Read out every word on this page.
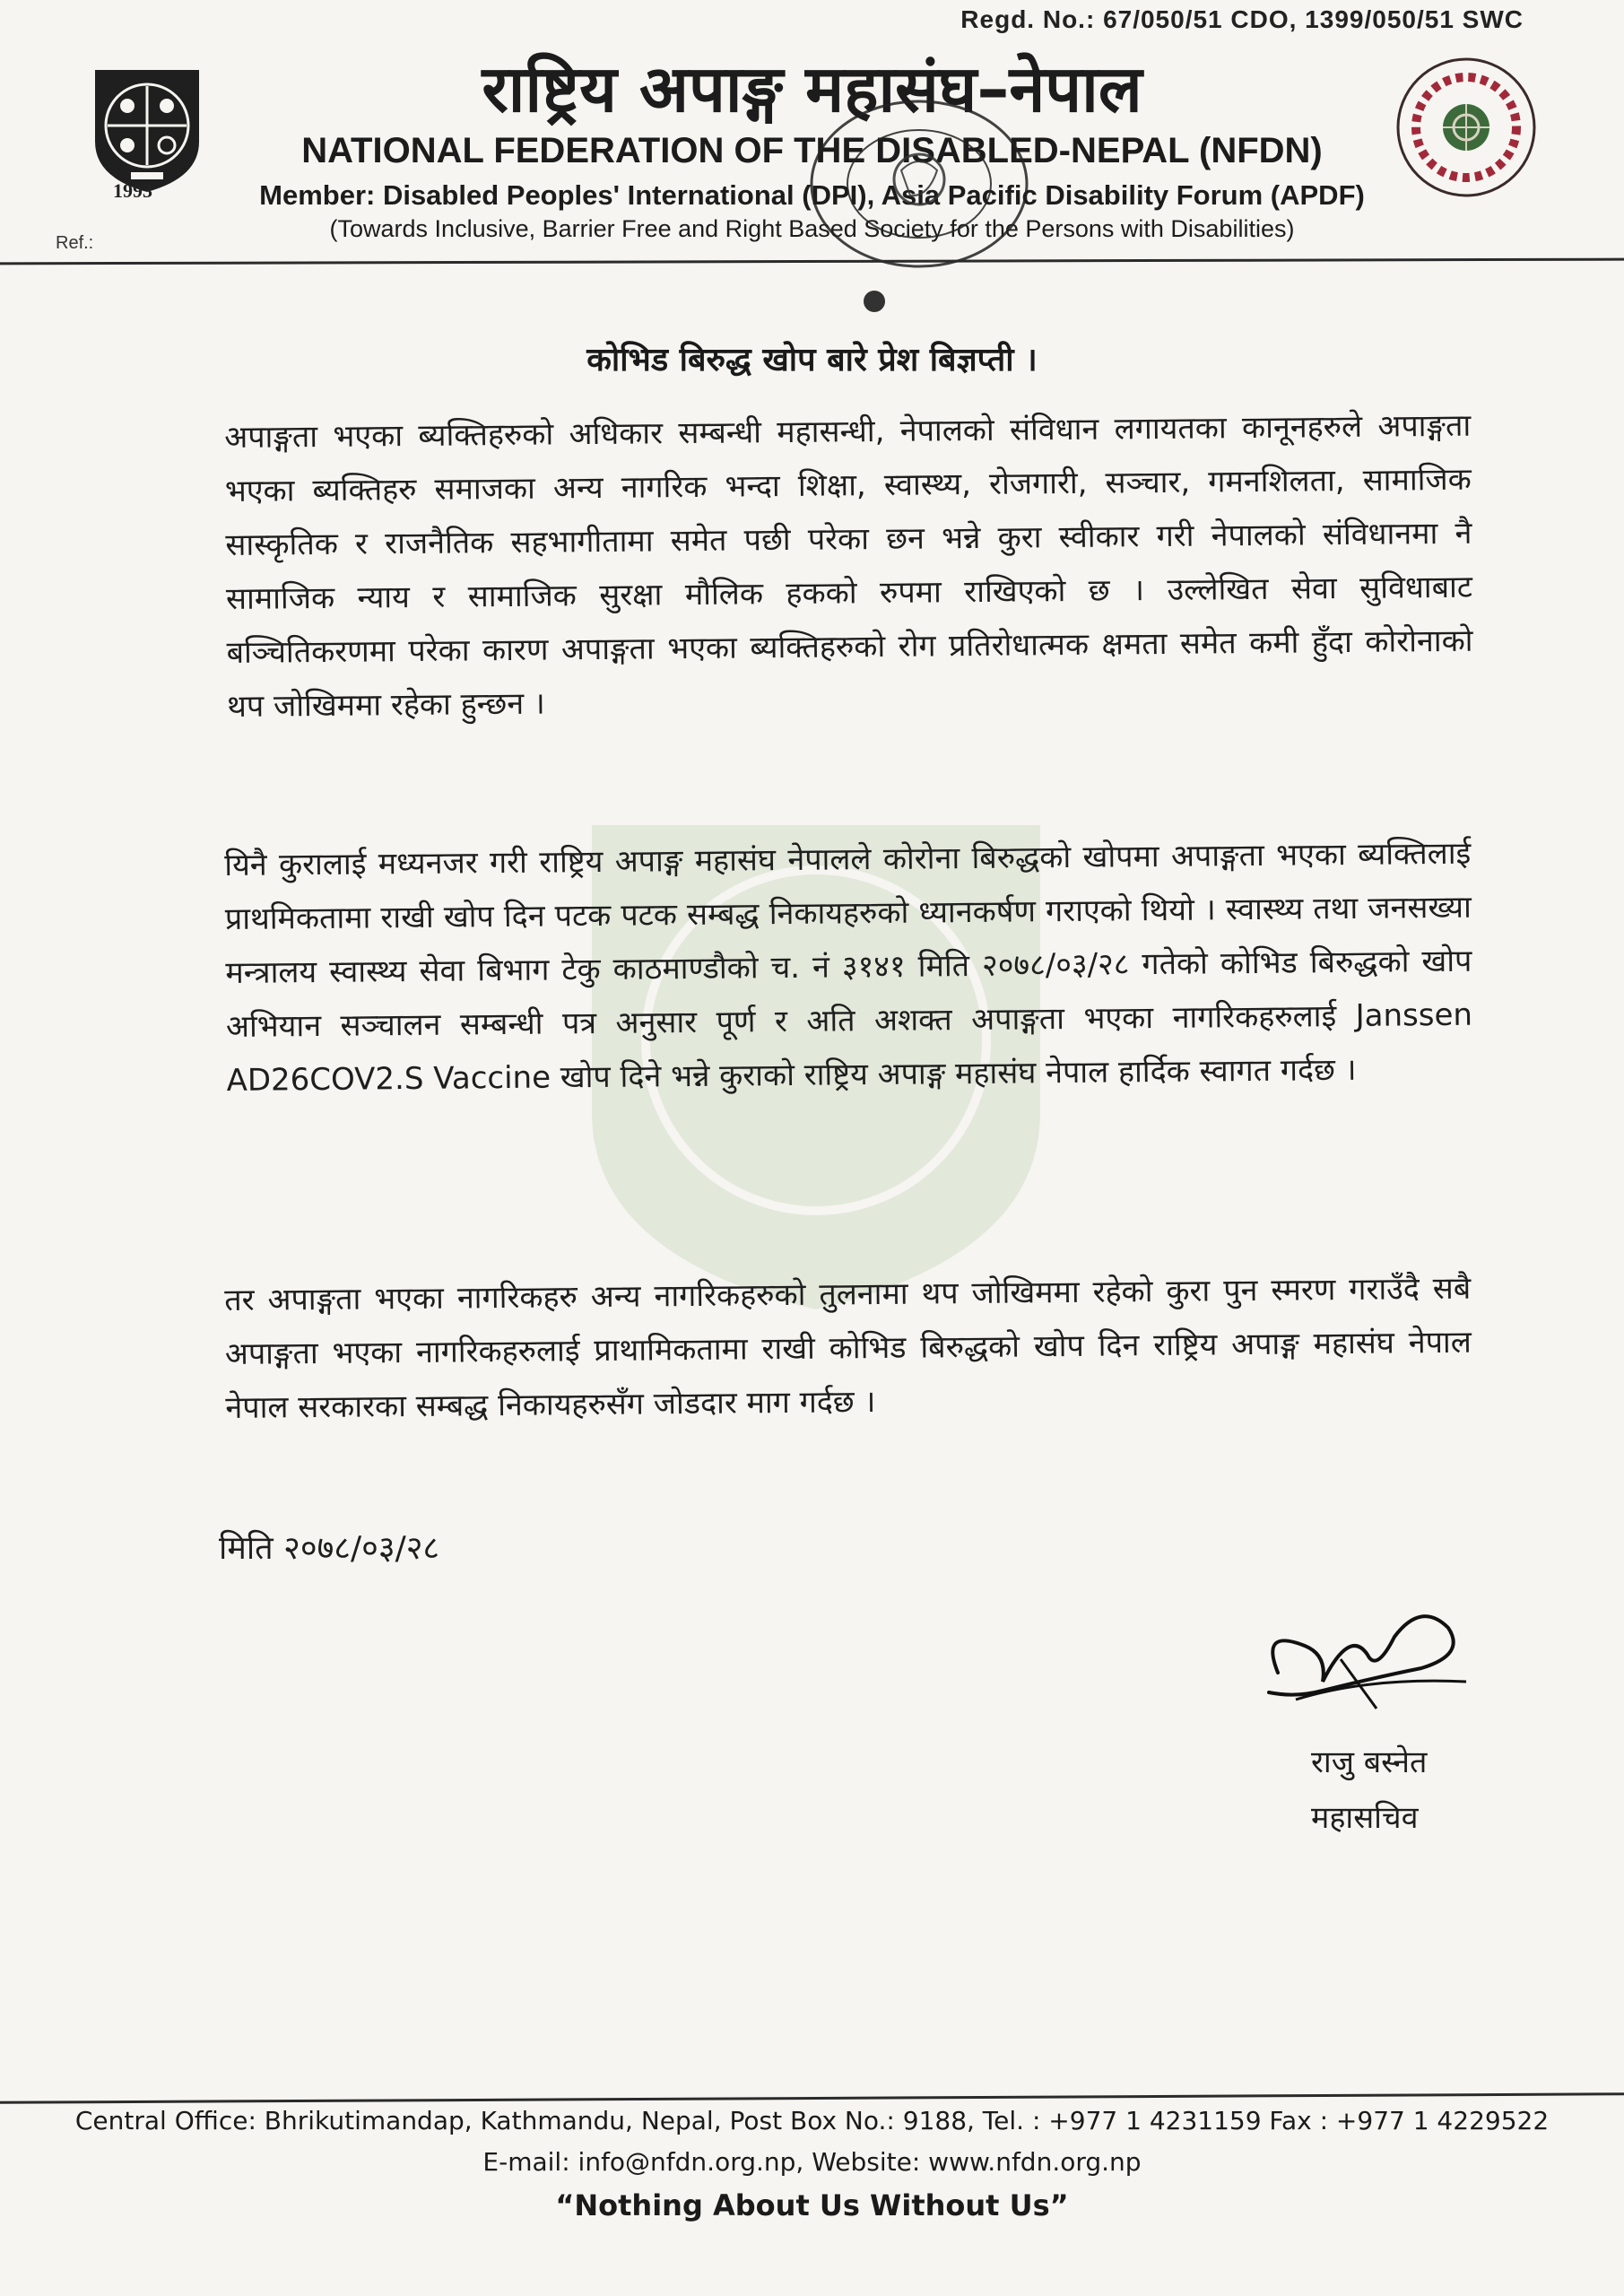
Regd. No.: 67/050/51 CDO, 1399/050/51 SWC
1993
राष्ट्रिय अपाङ्ग महासंघ–नेपाल
NATIONAL FEDERATION OF THE DISABLED-NEPAL (NFDN)
Member: Disabled Peoples' International (DPI), Asia Pacific Disability Forum (APDF)
(Towards Inclusive, Barrier Free and Right Based Society for the Persons with Disabilities)
Ref.:
कोभिड बिरुद्ध खोप बारे प्रेश बिज्ञप्ती ।
अपाङ्गता भएका ब्यक्तिहरुको अधिकार सम्बन्धी महासन्धी, नेपालको संविधान लगायतका कानूनहरुले अपाङ्गता भएका ब्यक्तिहरु समाजका अन्य नागरिक भन्दा शिक्षा, स्वास्थ्य, रोजगारी, सञ्चार, गमनशिलता, सामाजिक सास्कृतिक र राजनैतिक सहभागीतामा समेत पछी परेका छन भन्ने कुरा स्वीकार गरी नेपालको संविधानमा नै सामाजिक न्याय र सामाजिक सुरक्षा मौलिक हकको रुपमा राखिएको छ । उल्लेखित सेवा सुविधाबाट बञ्चितिकरणमा परेका कारण अपाङ्गता भएका ब्यक्तिहरुको रोग प्रतिरोधात्मक क्षमता समेत कमी हुँदा कोरोनाको थप जोखिममा रहेका हुन्छन ।
यिनै कुरालाई मध्यनजर गरी राष्ट्रिय अपाङ्ग महासंघ नेपालले कोरोना बिरुद्धको खोपमा अपाङ्गता भएका ब्यक्तिलाई प्राथमिकतामा राखी खोप दिन पटक पटक सम्बद्ध निकायहरुको ध्यानकर्षण गराएको थियो । स्वास्थ्य तथा जनसख्या मन्त्रालय स्वास्थ्य सेवा बिभाग टेकु काठमाण्डौको च. नं ३१४१ मिति २०७८/०३/२८ गतेको कोभिड बिरुद्धको खोप अभियान सञ्चालन सम्बन्धी पत्र अनुसार पूर्ण र अति अशक्त अपाङ्गता भएका नागरिकहरुलाई Janssen AD26COV2.S Vaccine खोप दिने भन्ने कुराको राष्ट्रिय अपाङ्ग महासंघ नेपाल हार्दिक स्वागत गर्दछ ।
तर अपाङ्गता भएका नागरिकहरु अन्य नागरिकहरुको तुलनामा थप जोखिममा रहेको कुरा पुन स्मरण गराउँदै सबै अपाङ्गता भएका नागरिकहरुलाई प्राथामिकतामा राखी कोभिड बिरुद्धको खोप दिन राष्ट्रिय अपाङ्ग महासंघ नेपाल नेपाल सरकारका सम्बद्ध निकायहरुसँग जोडदार माग गर्दछ ।
मिति २०७८/०३/२८
राजु बस्नेत
महासचिव
Central Office: Bhrikutimandap, Kathmandu, Nepal, Post Box No.: 9188, Tel. : +977 1 4231159 Fax : +977 1 4229522
E-mail: info@nfdn.org.np, Website: www.nfdn.org.np
“Nothing About Us Without Us”
